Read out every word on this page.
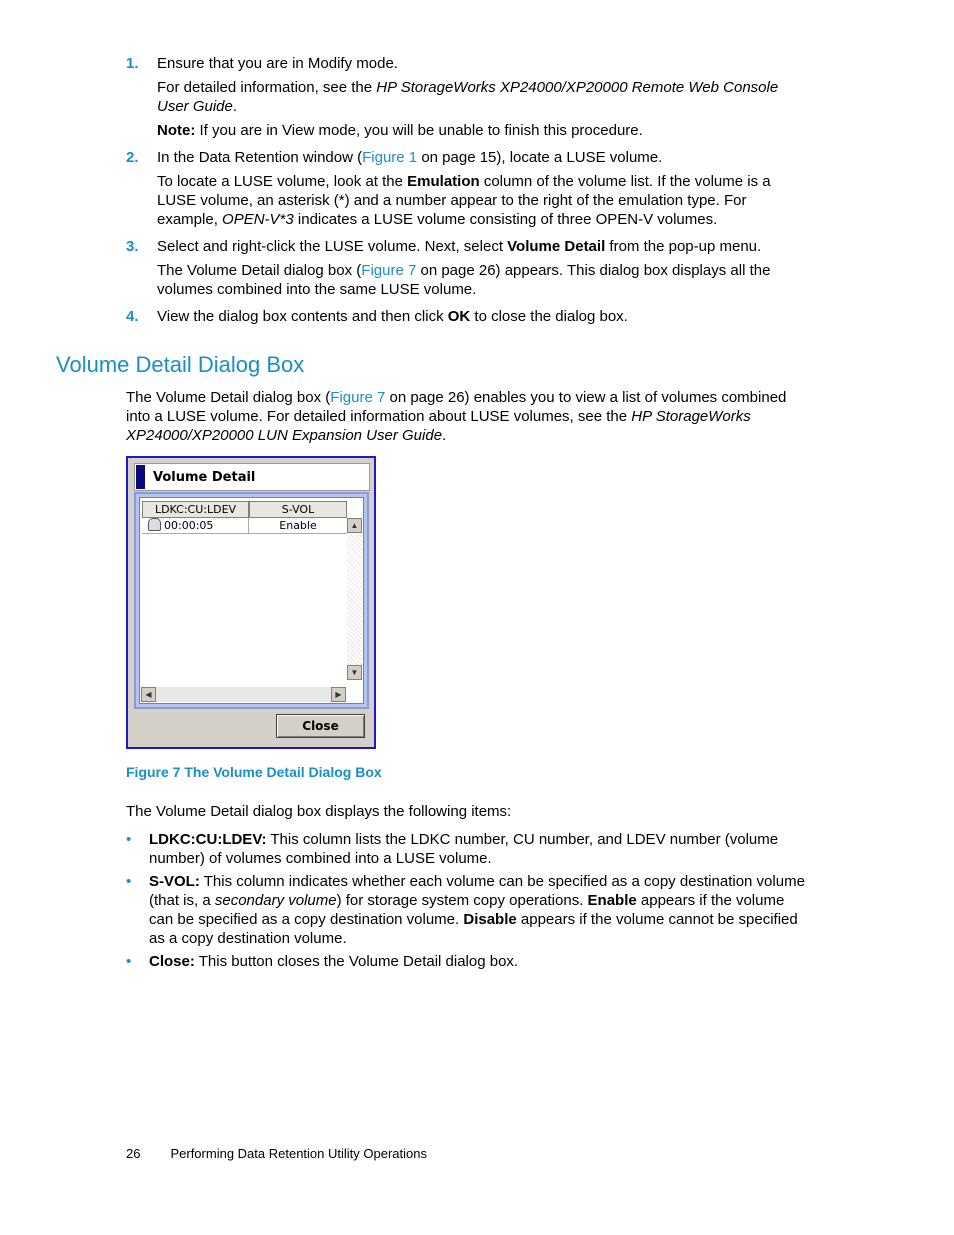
1. Ensure that you are in Modify mode.

For detailed information, see the HP StorageWorks XP24000/XP20000 Remote Web Console User Guide.

Note: If you are in View mode, you will be unable to finish this procedure.

2. In the Data Retention window (Figure 1 on page 15), locate a LUSE volume.

To locate a LUSE volume, look at the Emulation column of the volume list. If the volume is a LUSE volume, an asterisk (*) and a number appear to the right of the emulation type. For example, OPEN-V*3 indicates a LUSE volume consisting of three OPEN-V volumes.

3. Select and right-click the LUSE volume. Next, select Volume Detail from the pop-up menu.

The Volume Detail dialog box (Figure 7 on page 26) appears. This dialog box displays all the volumes combined into the same LUSE volume.

4. View the dialog box contents and then click OK to close the dialog box.

Volume Detail Dialog Box
The Volume Detail dialog box (Figure 7 on page 26) enables you to view a list of volumes combined into a LUSE volume. For detailed information about LUSE volumes, see the HP StorageWorks XP24000/XP20000 LUN Expansion User Guide.
Volume Detail
LDKC:CU:LDEV	S-VOL
00:00:05	Enable	▲
▼
◀	▶
Close
Figure 7 The Volume Detail Dialog Box
The Volume Detail dialog box displays the following items:
• LDKC:CU:LDEV: This column lists the LDKC number, CU number, and LDEV number (volume number) of volumes combined into a LUSE volume.
• S-VOL: This column indicates whether each volume can be specified as a copy destination volume (that is, a secondary volume) for storage system copy operations. Enable appears if the volume can be specified as a copy destination volume. Disable appears if the volume cannot be specified as a copy destination volume.
• Close: This button closes the Volume Detail dialog box.
26 Performing Data Retention Utility Operations
